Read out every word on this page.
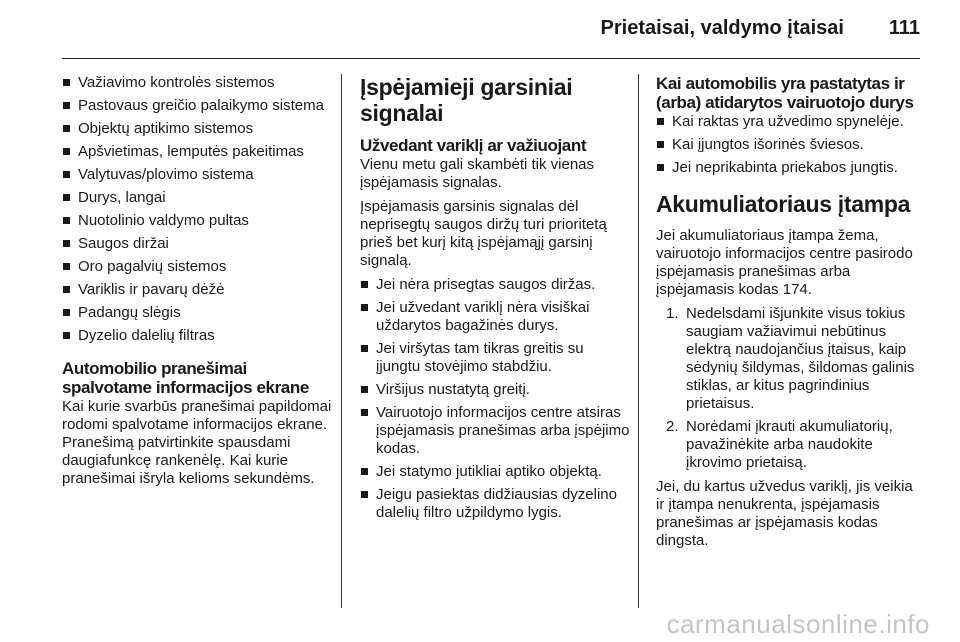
Prietaisai, valdymo įtaisai 111
Važiavimo kontrolės sistemos
Pastovaus greičio palaikymo sistema
Objektų aptikimo sistemos
Apšvietimas, lemputės pakeitimas
Valytuvas/plovimo sistema
Durys, langai
Nuotolinio valdymo pultas
Saugos diržai
Oro pagalvių sistemos
Variklis ir pavarų dėžė
Padangų slėgis
Dyzelio dalelių filtras
Automobilio pranešimai spalvotame informacijos ekrane

Kai kurie svarbūs pranešimai papildomai rodomi spalvotame informacijos ekrane. Pranešimą patvirtinkite spausdami daugiafunkcę rankenėlę. Kai kurie pranešimai išryla kelioms sekundėms.

Įspėjamieji garsiniai signalai
Užvedant variklį ar važiuojant

Vienu metu gali skambėti tik vienas įspėjamasis signalas.

Įspėjamasis garsinis signalas dėl neprisegtų saugos diržų turi prioritetą prieš bet kurį kitą įspėjamąjį garsinį signalą.

Jei nėra prisegtas saugos diržas.
Jei užvedant variklį nėra visiškai uždarytos bagažinės durys.
Jei viršytas tam tikras greitis su įjungtu stovėjimo stabdžiu.
Viršijus nustatytą greitį.
Vairuotojo informacijos centre atsiras įspėjamasis pranešimas arba įspėjimo kodas.
Jei statymo jutikliai aptiko objektą.
Jeigu pasiektas didžiausias dyzelino dalelių filtro užpildymo lygis.
Kai automobilis yra pastatytas ir (arba) atidarytos vairuotojo durys
Kai raktas yra užvedimo spynelėje.
Kai įjungtos išorinės šviesos.
Jei neprikabinta priekabos jungtis.
Akumuliatoriaus įtampa

Jei akumuliatoriaus įtampa žema, vairuotojo informacijos centre pasirodo įspėjamasis pranešimas arba įspėjamasis kodas 174.

1. Nedelsdami išjunkite visus tokius saugiam važiavimui nebūtinus elektrą naudojančius įtaisus, kaip sėdynių šildymas, šildomas galinis stiklas, ar kitus pagrindinius prietaisus.
2. Norėdami įkrauti akumuliatorių, pavažinėkite arba naudokite įkrovimo prietaisą.

Jei, du kartus užvedus variklį, jis veikia ir įtampa nenukrenta, įspėjamasis pranešimas ar įspėjamasis kodas dingsta.

carmanualsonline.info
